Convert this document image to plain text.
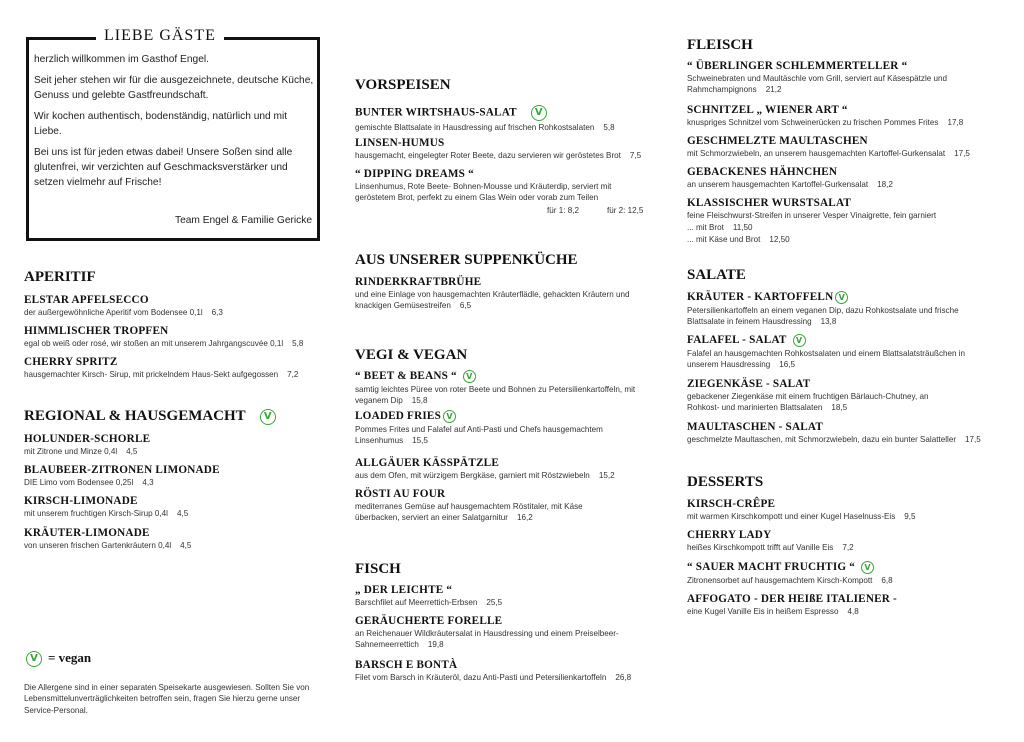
LIEBE GÄSTE

herzlich willkommen im Gasthof Engel.

Seit jeher stehen wir für die ausgezeichnete, deutsche Küche, Genuss und gelebte Gastfreundschaft.

Wir kochen authentisch, bodenständig, natürlich und mit Liebe.

Bei uns ist für jeden etwas dabei! Unsere Soßen sind alle glutenfrei, wir verzichten auf Geschmacksverstärker und setzen vielmehr auf Frische!

Team Engel & Familie Gericke
APERITIF
ELSTAR APFELSECCO
der außergewöhnliche Aperitif vom Bodensee 0,1l 6,3
HIMMLISCHER TROPFEN
egal ob weiß oder rosé, wir stoßen an mit unserem Jahrgangscuvée 0,1l 5,8
CHERRY SPRITZ
hausgemachter Kirsch- Sirup, mit prickelndem Haus-Sekt aufgegossen 7,2
REGIONAL & HAUSGEMACHT V
HOLUNDER-SCHORLE
mit Zitrone und Minze 0,4l 4,5
BLAUBEER-ZITRONEN LIMONADE
DIE Limo vom Bodensee 0,25l 4,3
KIRSCH-LIMONADE
mit unserem fruchtigen Kirsch-Sirup 0,4l 4,5
KRÄUTER-LIMONADE
von unseren frischen Gartenkräutern 0,4l 4,5
V = vegan
Die Allergene sind in einer separaten Speisekarte ausgewiesen. Sollten Sie von Lebensmittelunverträglichkeiten betroffen sein, fragen Sie hierzu gerne unser Service-Personal.
VORSPEISEN
BUNTER WIRTSHAUS-SALAT V
gemischte Blattsalate in Hausdressing auf frischen Rohkostsalaten 5,8
LINSEN-HUMUS
hausgemacht, eingelegter Roter Beete, dazu servieren wir geröstetes Brot 7,5
“ DIPPING DREAMS “
Linsenhumus, Rote Beete- Bohnen-Mousse und Kräuterdip, serviert mit geröstetem Brot, perfekt zu einem Glas Wein oder vorab zum Teilen
für 1: 8,2	für 2: 12,5
AUS UNSERER SUPPENKÜCHE
RINDERKRAFTBRÜHE
und eine Einlage von hausgemachten Kräuterflädle, gehackten Kräutern und knackigen Gemüsestreifen 6,5
VEGI & VEGAN
“ BEET & BEANS “ V
samtig leichtes Püree von roter Beete und Bohnen zu Petersilienkartoffeln, mit veganem Dip 15,8
LOADED FRIES V
Pommes Frites und Falafel auf Anti-Pasti und Chefs hausgemachtem Linsenhumus 15,5
ALLGÄUER KÄSSPÄTZLE
aus dem Ofen, mit würzigem Bergkäse, garniert mit Röstzwiebeln 15,2
RÖSTI AU FOUR
mediterranes Gemüse auf hausgemachtem Röstitaler, mit Käse überbacken, serviert an einer Salatgarnitur 16,2
FISCH
„ DER LEICHTE “
Barschfilet auf Meerrettich-Erbsen 25,5
GERÄUCHERTE FORELLE
an Reichenauer Wildkräutersalat in Hausdressing und einem Preiselbeer-Sahnemeerrettich 19,8
BARSCH E BONTÀ
Filet vom Barsch in Kräuteröl, dazu Anti-Pasti und Petersilienkartoffeln 26,8
FLEISCH
“ ÜBERLINGER SCHLEMMERTELLER “
Schweinebraten und Maultäschle vom Grill, serviert auf Käsespätzle und Rahmchampignons 21,2
SCHNITZEL „ WIENER ART “
knuspriges Schnitzel vom Schweinerücken zu frischen Pommes Frites 17,8
GESCHMELZTE MAULTASCHEN
mit Schmorzwiebeln, an unserem hausgemachten Kartoffel-Gurkensalat 17,5
GEBACKENES HÄHNCHEN
an unserem hausgemachten Kartoffel-Gurkensalat 18,2
KLASSISCHER WURSTSALAT
feine Fleischwurst-Streifen in unserer Vesper Vinaigrette, fein garniert
... mit Brot 11,50
... mit Käse und Brot 12,50
SALATE
KRÄUTER - KARTOFFELN V
Petersilienkartoffeln an einem veganen Dip, dazu Rohkostsalate und frische Blattsalate in feinem Hausdressing 13,8
FALAFEL - SALAT V
Falafel an hausgemachten Rohkostsalaten und einem Blattsalatsträußchen in unserem Hausdressing 16,5
ZIEGENKÄSE - SALAT
gebackener Ziegenkäse mit einem fruchtigen Bärlauch-Chutney, an Rohkost- und marinierten Blattsalaten 18,5
MAULTASCHEN - SALAT
geschmelzte Maultaschen, mit Schmorzwiebeln, dazu ein bunter Salatteller 17,5
DESSERTS
KIRSCH-CRÊPE
mit warmen Kirschkompott und einer Kugel Haselnuss-Eis 9,5
CHERRY LADY
heißes Kirschkompott trifft auf Vanille Eis 7,2
“ SAUER MACHT FRUCHTIG “ V
Zitronensorbet auf hausgemachtem Kirsch-Kompott 6,8
AFFOGATO - DER HEIßE ITALIENER -
eine Kugel Vanille Eis in heißem Espresso 4,8
